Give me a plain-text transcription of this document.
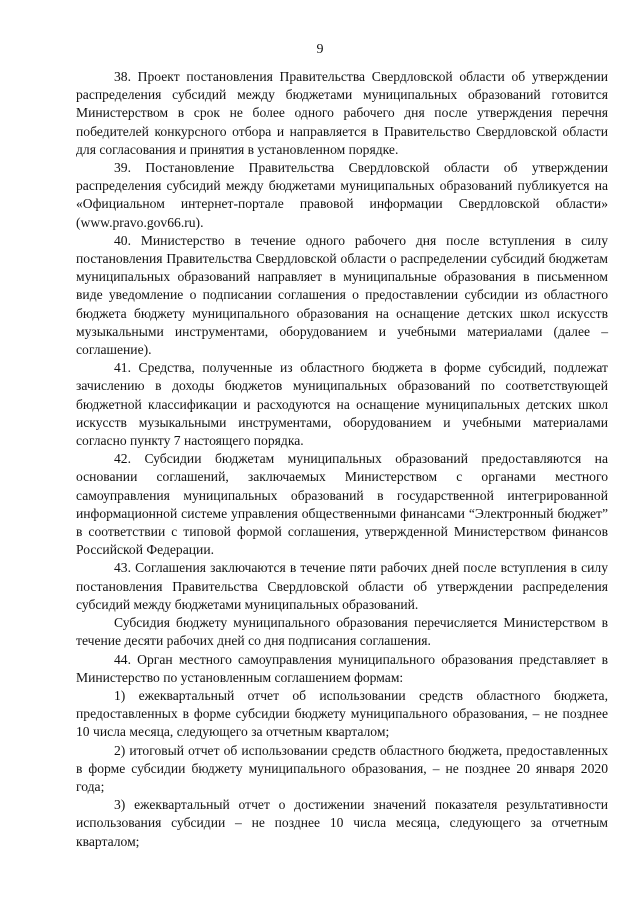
9

38. Проект постановления Правительства Свердловской области об утверждении распределения субсидий между бюджетами муниципальных образований готовится Министерством в срок не более одного рабочего дня после утверждения перечня победителей конкурсного отбора и направляется в Правительство Свердловской области для согласования и принятия в установленном порядке.

39. Постановление Правительства Свердловской области об утверждении распределения субсидий между бюджетами муниципальных образований публикуется на «Официальном интернет-портале правовой информации Свердловской области» (www.pravo.gov66.ru).

40. Министерство в течение одного рабочего дня после вступления в силу постановления Правительства Свердловской области о распределении субсидий бюджетам муниципальных образований направляет в муниципальные образования в письменном виде уведомление о подписании соглашения о предоставлении субсидии из областного бюджета бюджету муниципального образования на оснащение детских школ искусств музыкальными инструментами, оборудованием и учебными материалами (далее – соглашение).

41. Средства, полученные из областного бюджета в форме субсидий, подлежат зачислению в доходы бюджетов муниципальных образований по соответствующей бюджетной классификации и расходуются на оснащение муниципальных детских школ искусств музыкальными инструментами, оборудованием и учебными материалами согласно пункту 7 настоящего порядка.

42. Субсидии бюджетам муниципальных образований предоставляются на основании соглашений, заключаемых Министерством с органами местного самоуправления муниципальных образований в государственной интегрированной информационной системе управления общественными финансами “Электронный бюджет” в соответствии с типовой формой соглашения, утвержденной Министерством финансов Российской Федерации.

43. Соглашения заключаются в течение пяти рабочих дней после вступления в силу постановления Правительства Свердловской области об утверждении распределения субсидий между бюджетами муниципальных образований.

Субсидия бюджету муниципального образования перечисляется Министерством в течение десяти рабочих дней со дня подписания соглашения.

44. Орган местного самоуправления муниципального образования представляет в Министерство по установленным соглашением формам:

1) ежеквартальный отчет об использовании средств областного бюджета, предоставленных в форме субсидии бюджету муниципального образования, – не позднее 10 числа месяца, следующего за отчетным кварталом;

2) итоговый отчет об использовании средств областного бюджета, предоставленных в форме субсидии бюджету муниципального образования, – не позднее 20 января 2020 года;

3) ежеквартальный отчет о достижении значений показателя результативности использования субсидии – не позднее 10 числа месяца, следующего за отчетным кварталом;
